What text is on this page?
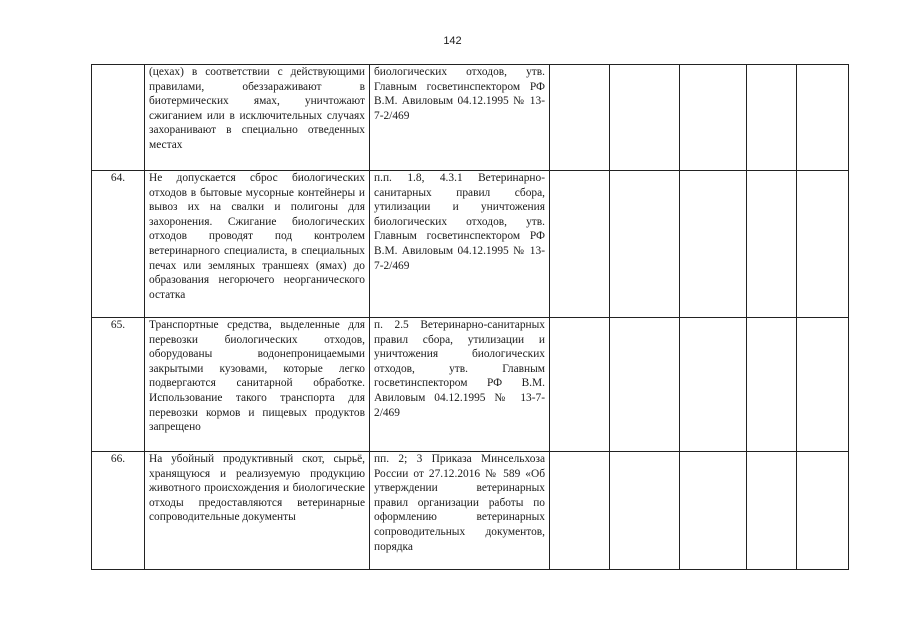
142
	(цехах) в соответствии с действующими правилами, обеззараживают в биотермических ямах, уничтожают сжиганием или в исключительных случаях захоранивают в специально отведенных местах	биологических отходов, утв. Главным госветинспектором РФ В.М. Авиловым 04.12.1995 № 13-7-2/469					
64.	Не допускается сброс биологических отходов в бытовые мусорные контейнеры и вывоз их на свалки и полигоны для захоронения. Сжигание биологических отходов проводят под контролем ветеринарного специалиста, в специальных печах или земляных траншеях (ямах) до образования негорючего неорганического остатка	п.п. 1.8, 4.3.1 Ветеринарно-санитарных правил сбора, утилизации и уничтожения биологических отходов, утв. Главным госветинспектором РФ В.М. Авиловым 04.12.1995 № 13-7-2/469					
65.	Транспортные средства, выделенные для перевозки биологических отходов, оборудованы водонепроницаемыми закрытыми кузовами, которые легко подвергаются санитарной обработке. Использование такого транспорта для перевозки кормов и пищевых продуктов запрещено	п. 2.5 Ветеринарно-санитарных правил сбора, утилизации и уничтожения биологических отходов, утв. Главным госветинспектором РФ В.М. Авиловым 04.12.1995 № 13-7-2/469					
66.	На убойный продуктивный скот, сырьё, хранящуюся и реализуемую продукцию животного происхождения и биологические отходы предоставляются ветеринарные сопроводительные документы	пп. 2; 3 Приказа Минсельхоза России от 27.12.2016 № 589 «Об утверждении ветеринарных правил организации работы по оформлению ветеринарных сопроводительных документов, порядка					
